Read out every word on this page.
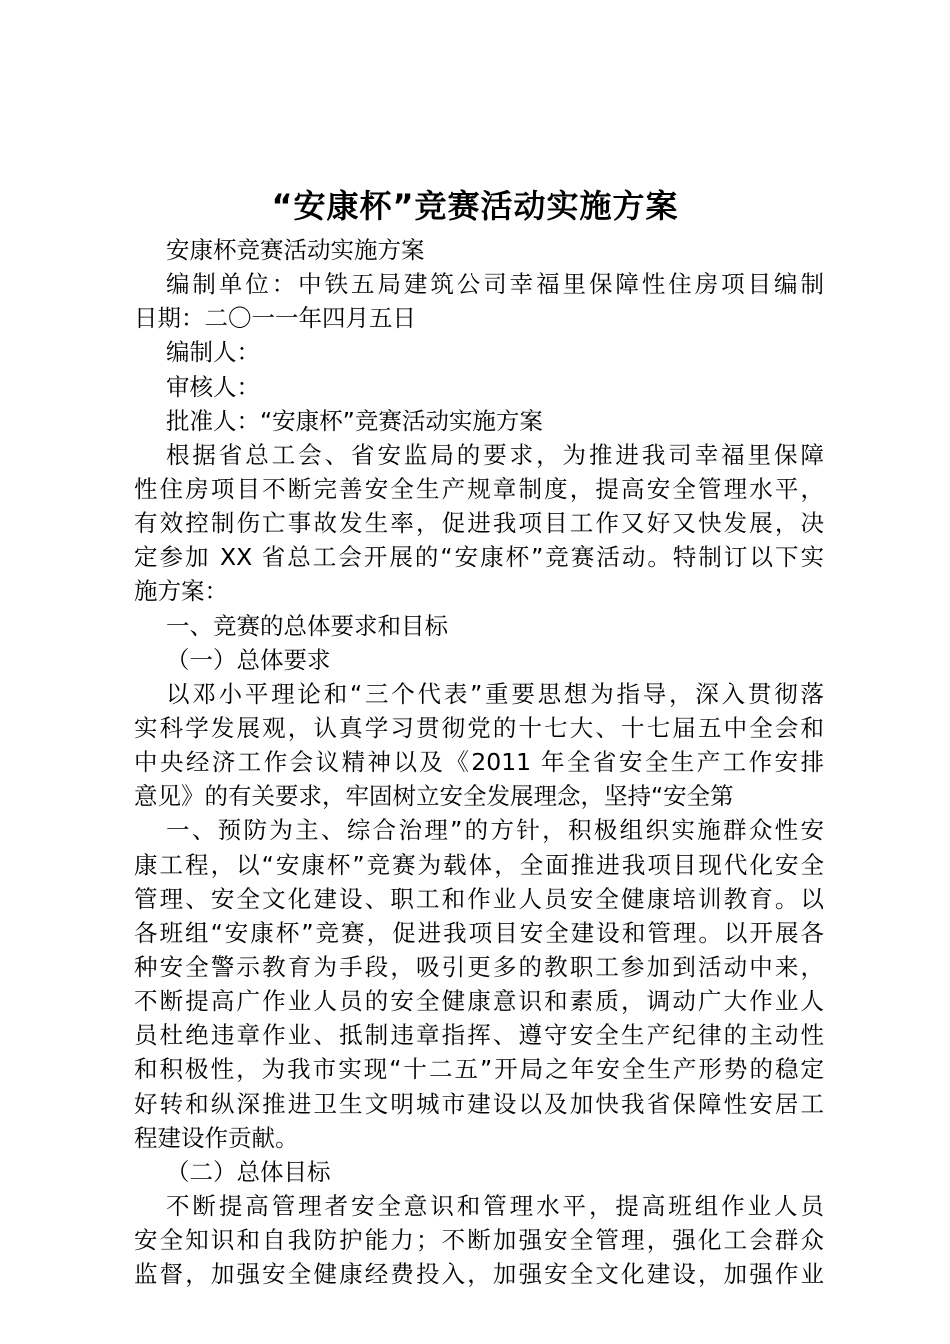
“安康杯”竞赛活动实施方案
安康杯竞赛活动实施方案
编制单位：中铁五局建筑公司幸福里保障性住房项目编制
日期：二〇一一年四月五日
编制人：
审核人：
批准人：“安康杯”竞赛活动实施方案
根据省总工会、省安监局的要求，为推进我司幸福里保障
性住房项目不断完善安全生产规章制度，提高安全管理水平，
有效控制伤亡事故发生率，促进我项目工作又好又快发展，决
定参加 XX 省总工会开展的“安康杯”竞赛活动。特制订以下实
施方案：
一、竞赛的总体要求和目标
（一）总体要求
以邓小平理论和“三个代表”重要思想为指导，深入贯彻落
实科学发展观，认真学习贯彻党的十七大、十七届五中全会和
中央经济工作会议精神以及《2011 年全省安全生产工作安排
意见》的有关要求，牢固树立安全发展理念，坚持“安全第
一、预防为主、综合治理”的方针，积极组织实施群众性安
康工程，以“安康杯”竞赛为载体，全面推进我项目现代化安全
管理、安全文化建设、职工和作业人员安全健康培训教育。以
各班组“安康杯”竞赛，促进我项目安全建设和管理。以开展各
种安全警示教育为手段，吸引更多的教职工参加到活动中来，
不断提高广作业人员的安全健康意识和素质，调动广大作业人
员杜绝违章作业、抵制违章指挥、遵守安全生产纪律的主动性
和积极性，为我市实现“十二五”开局之年安全生产形势的稳定
好转和纵深推进卫生文明城市建设以及加快我省保障性安居工
程建设作贡献。
（二）总体目标
不断提高管理者安全意识和管理水平，提高班组作业人员
安全知识和自我防护能力；不断加强安全管理，强化工会群众
监督，加强安全健康经费投入，加强安全文化建设，加强作业
